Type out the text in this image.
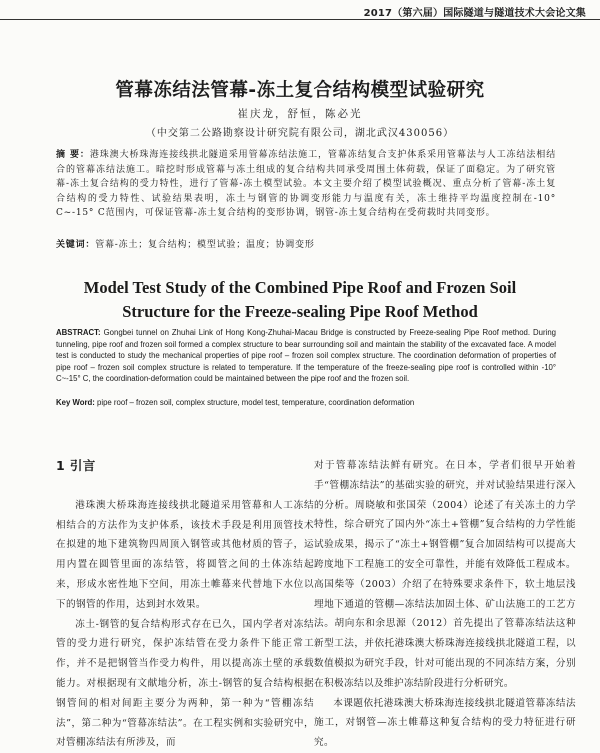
2017（第六届）国际隧道与隧道技术大会论文集
管幕冻结法管幕-冻土复合结构模型试验研究
崔庆龙，舒恒，陈必光
（中交第二公路勘察设计研究院有限公司，湖北武汉430056）
摘 要：港珠澳大桥珠海连接线拱北隧道采用管幕冻结法施工，管幕冻结复合支护体系采用管幕法与人工冻结法相结合的管幕冻结法施工。暗挖时形成管幕与冻土组成的复合结构共同承受周围土体荷载，保证了面稳定。为了研究管幕-冻土复合结构的受力特性，进行了管幕-冻土模型试验。本文主要介绍了模型试验概况、重点分析了管幕-冻土复合结构的受力特性、试验结果表明，冻土与钢管的协调变形能力与温度有关，冻土维持平均温度控制在-10° C~-15° C范围内，可保证管幕-冻土复合结构的变形协调，钢管-冻土复合结构在受荷载时共同变形。
关键词：管幕-冻土；复合结构；模型试验；温度；协调变形
Model Test Study of the Combined Pipe Roof and Frozen Soil
Structure for the Freeze-sealing Pipe Roof Method
ABSTRACT: Gongbei tunnel on Zhuhai Link of Hong Kong-Zhuhai-Macau Bridge is constructed by Freeze-sealing Pipe Roof method. During tunneling, pipe roof and frozen soil formed a complex structure to bear surrounding soil and maintain the stability of the excavated face. A model test is conducted to study the mechanical properties of pipe roof – frozen soil complex structure. The coordination deformation of properties of pipe roof – frozen soil complex structure is related to temperature. If the temperature of the freeze-sealing pipe roof is controlled within -10° C~-15° C, the coordination-deformation could be maintained between the pipe roof and the frozen soil.
Key Word: pipe roof – frozen soil, complex structure, model test, temperature, coordination deformation
1 引言

港珠澳大桥珠海连接线拱北隧道采用管幕和人工冻结相结合的方法作为支护体系，该技术手段是利用顶管技术在拟建的地下建筑物四周顶入钢管或其他材质的管子，运用内置在圆管里面的冻结管，将圆管之间的土体冻结起来，形成水密性地下空间，用冻土帷幕来代替地下水位以下的钢管的作用，达到封水效果。

冻土-钢管的复合结构形式存在已久，国内学者对冻结管的受力进行研究，保护冻结管在受力条件下能正常工作，并不是把钢管当作受力构件，用以提高冻土壁的承载能力。对根据现有文献地分析，冻土-钢管的复合结构根据钢管间的相对间距主要分为两种，第一种为“管棚冻结法”，第二种为“管幕冻结法”。在工程实例和实验研究中，对管棚冻结法有所涉及，而

对于管幕冻结法鲜有研究。在日本，学者们很早开始着手“管棚冻结法”的基础实验的研究，并对试验结果进行深入的分析。周晓敏和张国荣（2004）论述了有关冻土的力学特性，综合研究了国内外“冻土+管棚”复合结构的力学性能试验成果，揭示了“冻土+钢管棚”复合加固结构可以提高大跨度地下工程施工的安全可靠性，并能有效降低工程成本。高国柴等（2003）介绍了在特殊要求条件下，软土地层浅埋地下通道的管棚—冻结法加固土体、矿山法施工的工艺方法。胡向东和余思源（2012）首先提出了管幕冻结法这种新型工法，并依托港珠澳大桥珠海连接线拱北隧道工程，以数值模拟为研究手段，针对可能出现的不同冻结方案，分别在积极冻结以及维护冻结阶段进行分析研究。

本课题依托港珠澳大桥珠海连接线拱北隧道管幕冻结法施工，对钢管—冻土帷幕这种复合结构的受力特征进行研究。
